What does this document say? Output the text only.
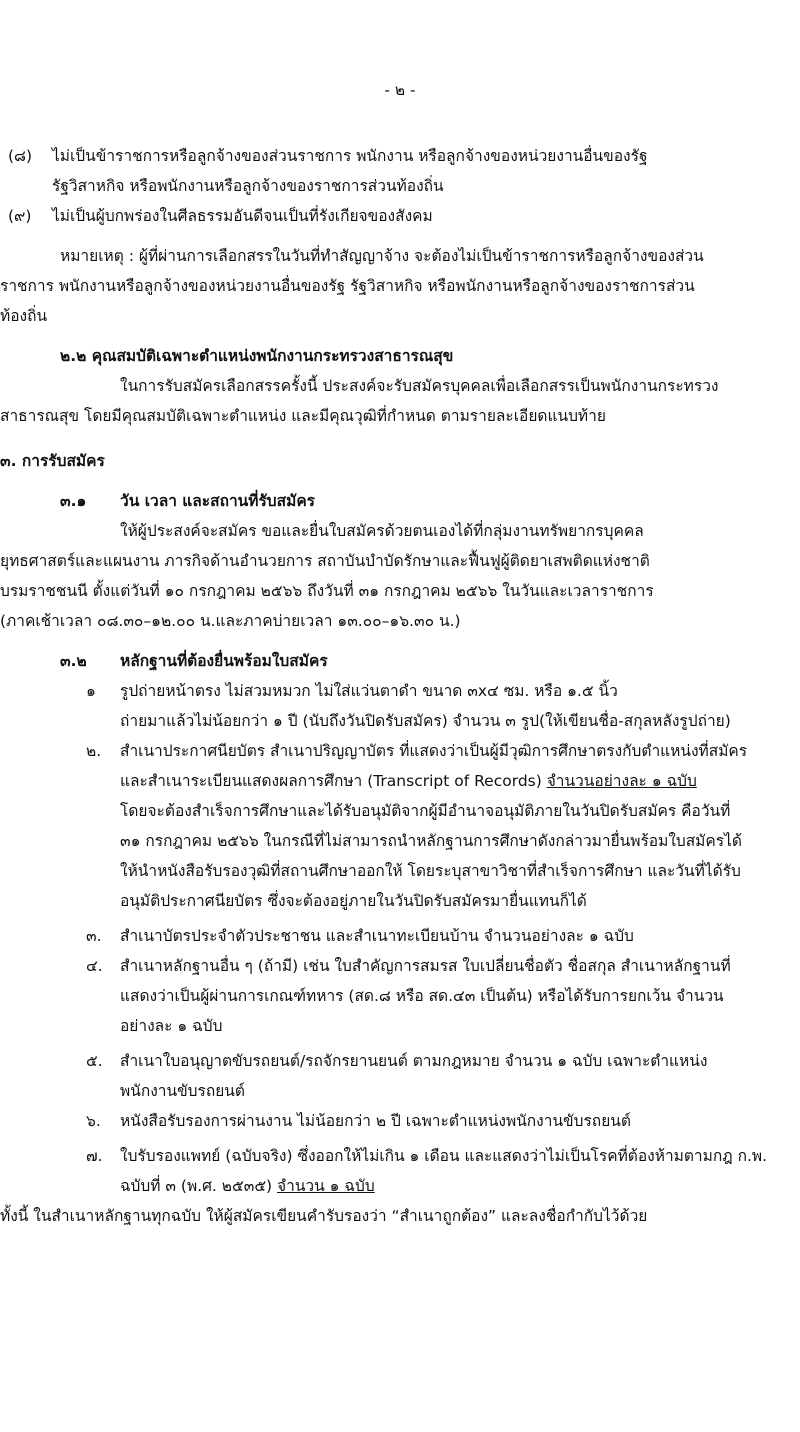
- ๒ -
(๘) ไม่เป็นข้าราชการหรือลูกจ้างของส่วนราชการ พนักงาน หรือลูกจ้างของหน่วยงานอื่นของรัฐ
รัฐวิสาหกิจ หรือพนักงานหรือลูกจ้างของราชการส่วนท้องถิ่น
(๙) ไม่เป็นผู้บกพร่องในศีลธรรมอันดีจนเป็นที่รังเกียจของสังคม
หมายเหตุ : ผู้ที่ผ่านการเลือกสรรในวันที่ทำสัญญาจ้าง จะต้องไม่เป็นข้าราชการหรือลูกจ้างของส่วน
ราชการ พนักงานหรือลูกจ้างของหน่วยงานอื่นของรัฐ รัฐวิสาหกิจ หรือพนักงานหรือลูกจ้างของราชการส่วน
ท้องถิ่น
๒.๒ คุณสมบัติเฉพาะตำแหน่งพนักงานกระทรวงสาธารณสุข
ในการรับสมัครเลือกสรรครั้งนี้ ประสงค์จะรับสมัครบุคคลเพื่อเลือกสรรเป็นพนักงานกระทรวง
สาธารณสุข โดยมีคุณสมบัติเฉพาะตำแหน่ง และมีคุณวุฒิที่กำหนด ตามรายละเอียดแนบท้าย
๓. การรับสมัคร
๓.๑ วัน เวลา และสถานที่รับสมัคร
ให้ผู้ประสงค์จะสมัคร ขอและยื่นใบสมัครด้วยตนเองได้ที่กลุ่มงานทรัพยากรบุคคล
ยุทธศาสตร์และแผนงาน ภารกิจด้านอำนวยการ สถาบันบำบัดรักษาและฟื้นฟูผู้ติดยาเสพติดแห่งชาติ
บรมราชชนนี ตั้งแต่วันที่ ๑๐ กรกฎาคม ๒๕๖๖ ถึงวันที่ ๓๑ กรกฎาคม ๒๕๖๖ ในวันและเวลาราชการ
(ภาคเช้าเวลา ๐๘.๓๐–๑๒.๐๐ น.และภาคบ่ายเวลา ๑๓.๐๐–๑๖.๓๐ น.)
๓.๒ หลักฐานที่ต้องยื่นพร้อมใบสมัคร
๑ รูปถ่ายหน้าตรง ไม่สวมหมวก ไม่ใส่แว่นตาดำ ขนาด ๓x๔ ซม. หรือ ๑.๕ นิ้ว
ถ่ายมาแล้วไม่น้อยกว่า ๑ ปี (นับถึงวันปิดรับสมัคร) จำนวน ๓ รูป(ให้เขียนชื่อ-สกุลหลังรูปถ่าย)
๒. สำเนาประกาศนียบัตร สำเนาปริญญาบัตร ที่แสดงว่าเป็นผู้มีวุฒิการศึกษาตรงกับตำแหน่งที่สมัคร
และสำเนาระเบียนแสดงผลการศึกษา (Transcript of Records) จำนวนอย่างละ ๑ ฉบับ
โดยจะต้องสำเร็จการศึกษาและได้รับอนุมัติจากผู้มีอำนาจอนุมัติภายในวันปิดรับสมัคร คือวันที่
๓๑ กรกฎาคม ๒๕๖๖ ในกรณีที่ไม่สามารถนำหลักฐานการศึกษาดังกล่าวมายื่นพร้อมใบสมัครได้
ให้นำหนังสือรับรองวุฒิที่สถานศึกษาออกให้ โดยระบุสาขาวิชาที่สำเร็จการศึกษา และวันที่ได้รับ
อนุมัติประกาศนียบัตร ซึ่งจะต้องอยู่ภายในวันปิดรับสมัครมายื่นแทนก็ได้
๓. สำเนาบัตรประจำตัวประชาชน และสำเนาทะเบียนบ้าน จำนวนอย่างละ ๑ ฉบับ
๔. สำเนาหลักฐานอื่น ๆ (ถ้ามี) เช่น ใบสำคัญการสมรส ใบเปลี่ยนชื่อตัว ชื่อสกุล สำเนาหลักฐานที่
แสดงว่าเป็นผู้ผ่านการเกณฑ์ทหาร (สด.๘ หรือ สด.๔๓ เป็นต้น) หรือได้รับการยกเว้น จำนวน
อย่างละ ๑ ฉบับ
๕. สำเนาใบอนุญาตขับรถยนต์/รถจักรยานยนต์ ตามกฎหมาย จำนวน ๑ ฉบับ เฉพาะตำแหน่ง
พนักงานขับรถยนต์
๖. หนังสือรับรองการผ่านงาน ไม่น้อยกว่า ๒ ปี เฉพาะตำแหน่งพนักงานขับรถยนต์
๗. ใบรับรองแพทย์ (ฉบับจริง) ซึ่งออกให้ไม่เกิน ๑ เดือน และแสดงว่าไม่เป็นโรคที่ต้องห้ามตามกฎ ก.พ.
ฉบับที่ ๓ (พ.ศ. ๒๕๓๕) จำนวน ๑ ฉบับ
ทั้งนี้ ในสำเนาหลักฐานทุกฉบับ ให้ผู้สมัครเขียนคำรับรองว่า “สำเนาถูกต้อง” และลงชื่อกำกับไว้ด้วย
